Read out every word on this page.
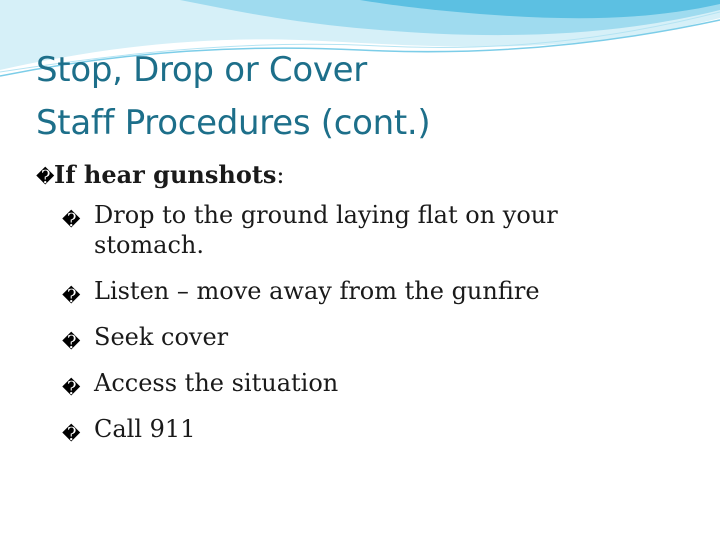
Stop, Drop or Cover
Staff Procedures (cont.)
�If hear gunshots:
� Drop to the ground laying flat on your stomach.
� Listen – move away from the gunfire
� Seek cover
� Access the situation
� Call 911
